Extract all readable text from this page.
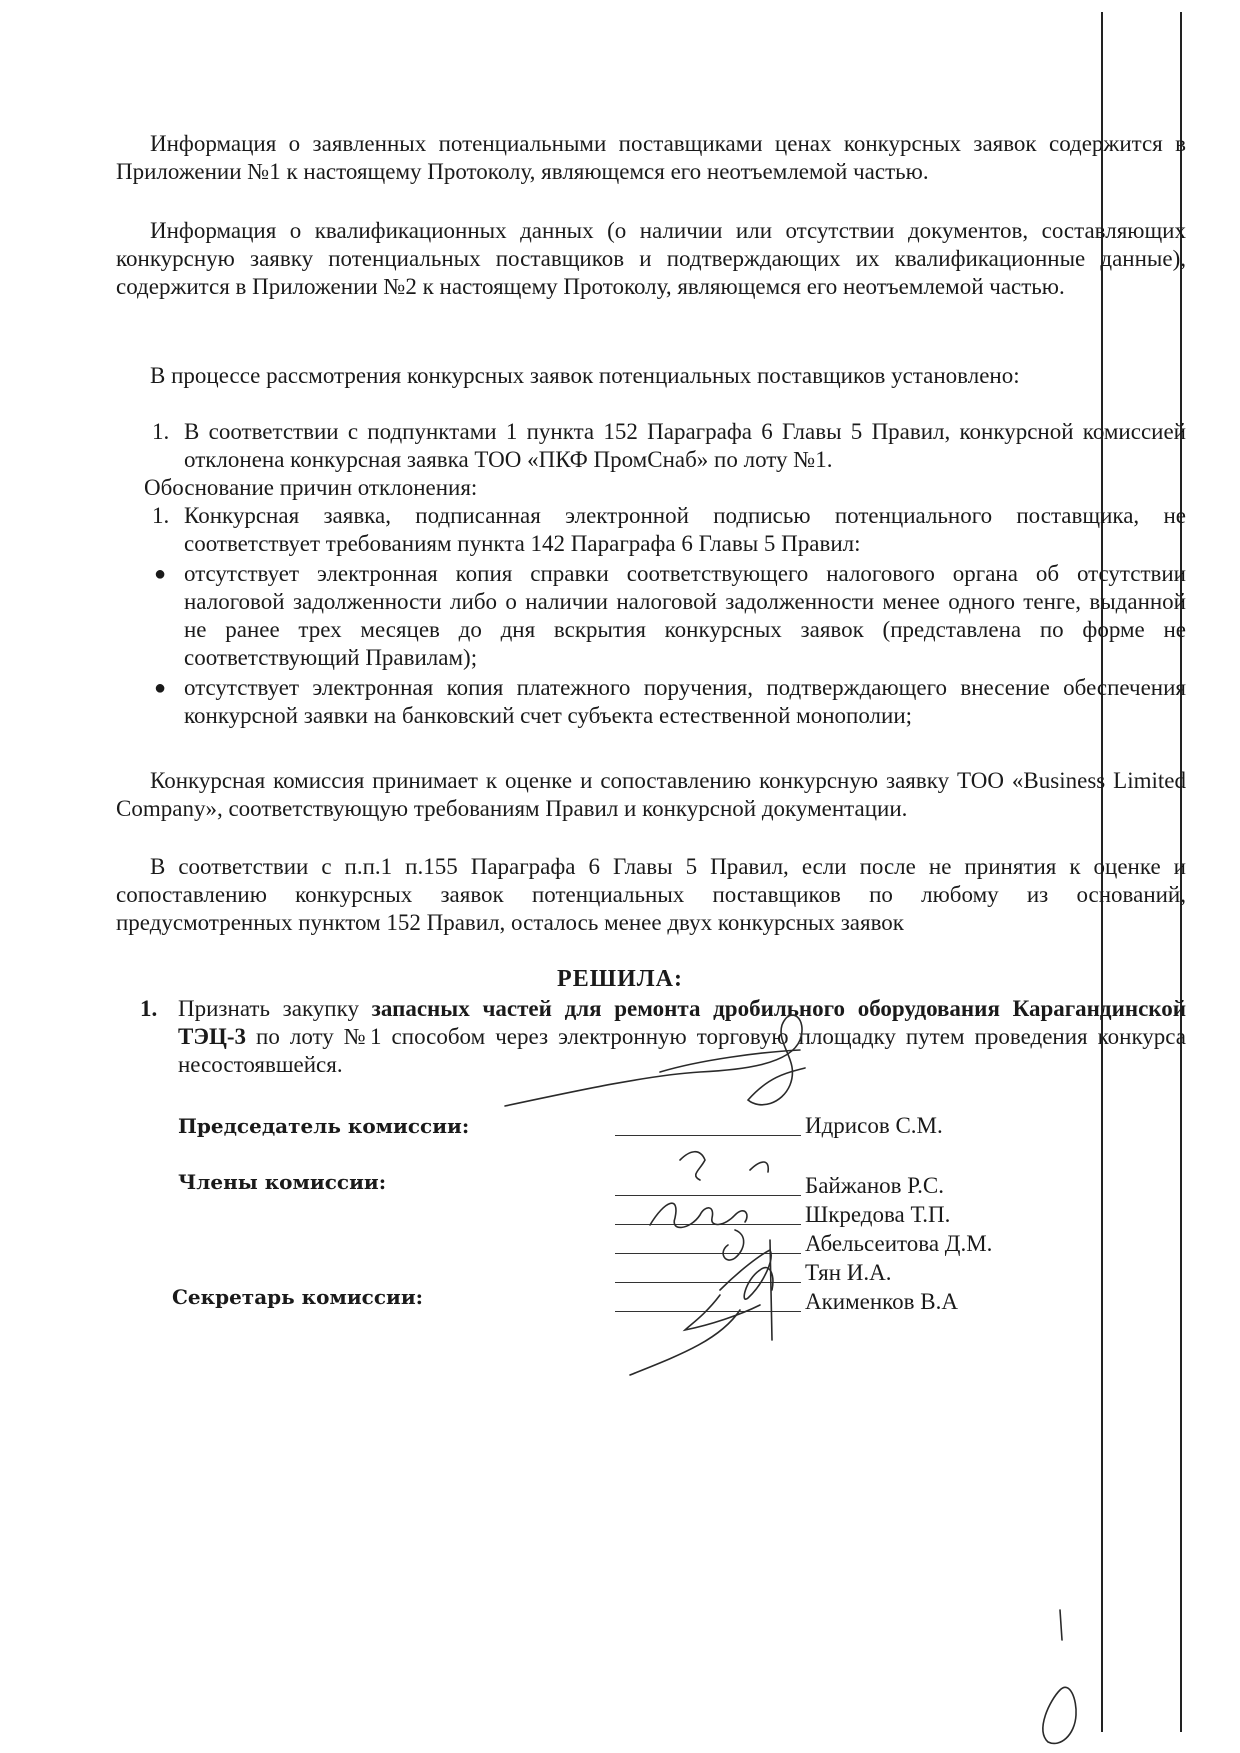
Информация о заявленных потенциальными поставщиками ценах конкурсных заявок содержится в Приложении №1 к настоящему Протоколу, являющемся его неотъемлемой частью.

Информация о квалификационных данных (о наличии или отсутствии документов, составляющих конкурсную заявку потенциальных поставщиков и подтверждающих их квалификационные данные), содержится в Приложении №2 к настоящему Протоколу, являющемся его неотъемлемой частью.

В процессе рассмотрения конкурсных заявок потенциальных поставщиков установлено:

1. В соответствии с подпунктами 1 пункта 152 Параграфа 6 Главы 5 Правил, конкурсной комиссией отклонена конкурсная заявка ТОО «ПКФ ПромСнаб» по лоту №1.

Обоснование причин отклонения:

1. Конкурсная заявка, подписанная электронной подписью потенциального поставщика, не соответствует требованиям пункта 142 Параграфа 6 Главы 5 Правил:

● отсутствует электронная копия справки соответствующего налогового органа об отсутствии налоговой задолженности либо о наличии налоговой задолженности менее одного тенге, выданной не ранее трех месяцев до дня вскрытия конкурсных заявок (представлена по форме не соответствующий Правилам);

● отсутствует электронная копия платежного поручения, подтверждающего внесение обеспечения конкурсной заявки на банковский счет субъекта естественной монополии;

Конкурсная комиссия принимает к оценке и сопоставлению конкурсную заявку ТОО «Business Limited Company», соответствующую требованиям Правил и конкурсной документации.

В соответствии с п.п.1 п.155 Параграфа 6 Главы 5 Правил, если после не принятия к оценке и сопоставлению конкурсных заявок потенциальных поставщиков по любому из оснований, предусмотренных пунктом 152 Правил, осталось менее двух конкурсных заявок

РЕШИЛА:
1. Признать закупку запасных частей для ремонта дробильного оборудования Карагандинской ТЭЦ-3 по лоту №1 способом через электронную торговую площадку путем проведения конкурса несостоявшейся.

Председатель комиссии:	Идрисов С.М.
Члены комиссии:	Байжанов Р.С.
Шкредова Т.П.
Абельсеитова Д.М.
Тян И.А.
Секретарь комиссии:	Акименков В.А
